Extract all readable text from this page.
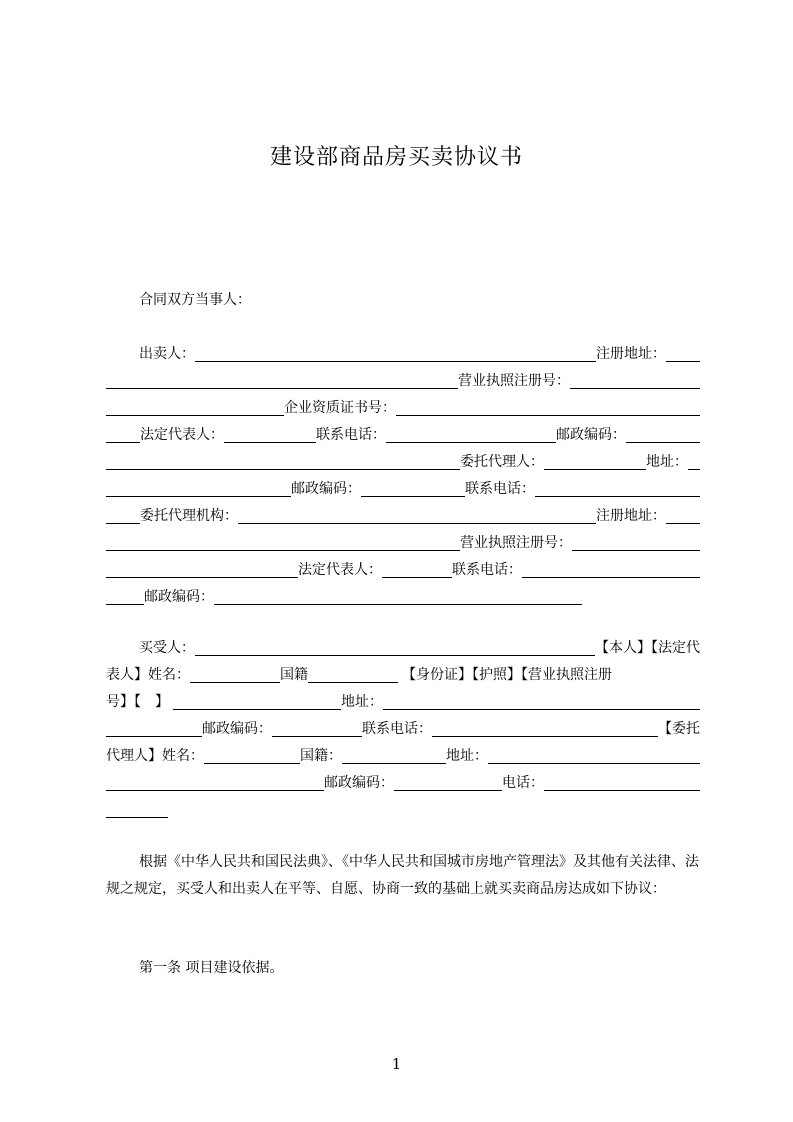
建设部商品房买卖协议书
合同双方当事人：
出卖人：	注册地址：
营业执照注册号：
企业资质证书号：
法定代表人：	联系电话：	邮政编码：
委托代理人：	地址：
邮政编码：	联系电话：
委托代理机构：	注册地址：
营业执照注册号：
法定代表人：	联系电话：
邮政编码：
买受人：	【本人】【法定代
表人】姓名：	国籍	【身份证】【护照】【营业执照注册
号】【 】	地址：
邮政编码：	联系电话：	【委托
代理人】姓名：	国籍：	地址：
邮政编码：	电话：
根据《中华人民共和国民法典》、《中华人民共和国城市房地产管理法》及其他有关法律、法规之规定，买受人和出卖人在平等、自愿、协商一致的基础上就买卖商品房达成如下协议：
第一条 项目建设依据。
1
